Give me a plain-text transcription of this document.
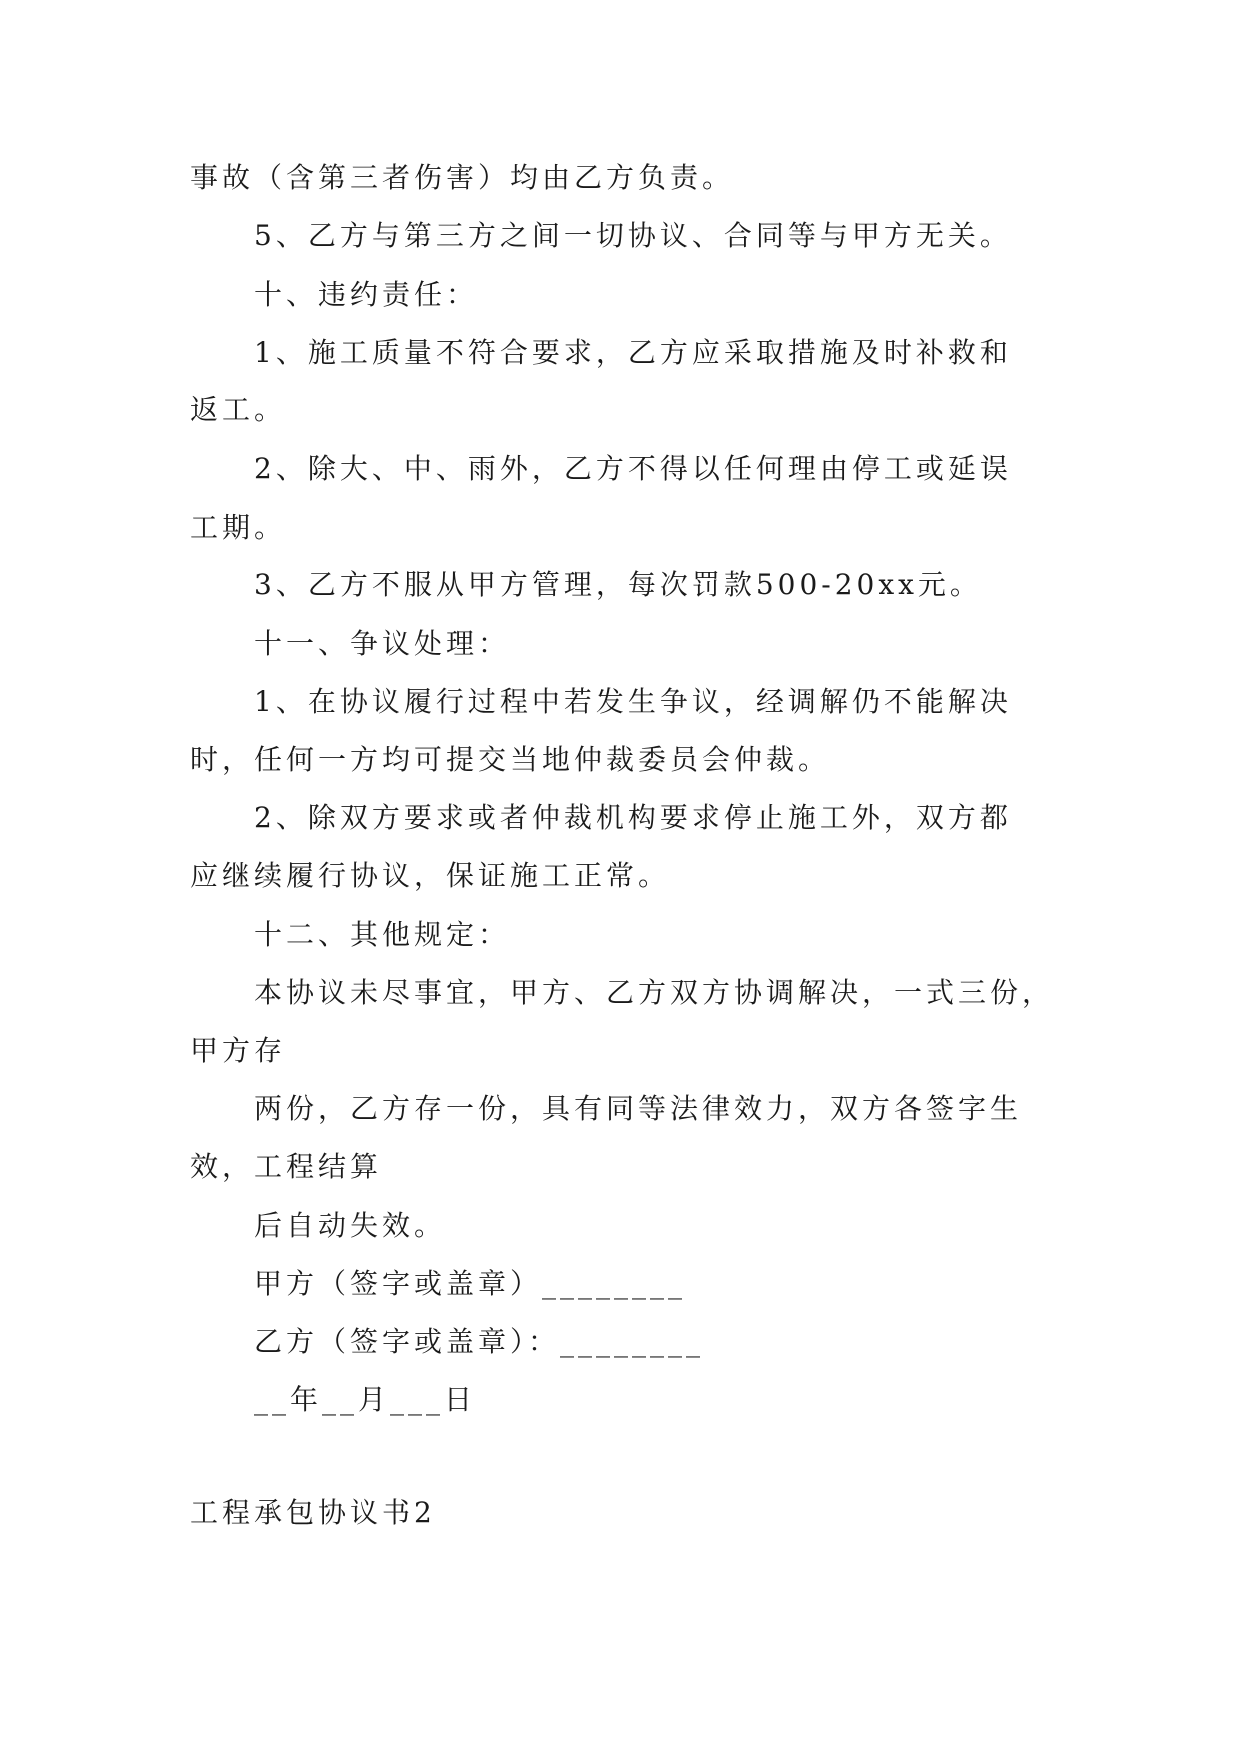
事故（含第三者伤害）均由乙方负责。
5、乙方与第三方之间一切协议、合同等与甲方无关。
十、违约责任：
1、施工质量不符合要求，乙方应采取措施及时补救和
返工。
2、除大、中、雨外，乙方不得以任何理由停工或延误
工期。
3、乙方不服从甲方管理，每次罚款500-20xx元。
十一、争议处理：
1、在协议履行过程中若发生争议，经调解仍不能解决
时，任何一方均可提交当地仲裁委员会仲裁。
2、除双方要求或者仲裁机构要求停止施工外，双方都
应继续履行协议，保证施工正常。
十二、其他规定：
本协议未尽事宜，甲方、乙方双方协调解决，一式三份，
甲方存
两份，乙方存一份，具有同等法律效力，双方各签字生
效，工程结算
后自动失效。
甲方（签字或盖章）________
乙方（签字或盖章）：________
__年__月___日
工程承包协议书2
